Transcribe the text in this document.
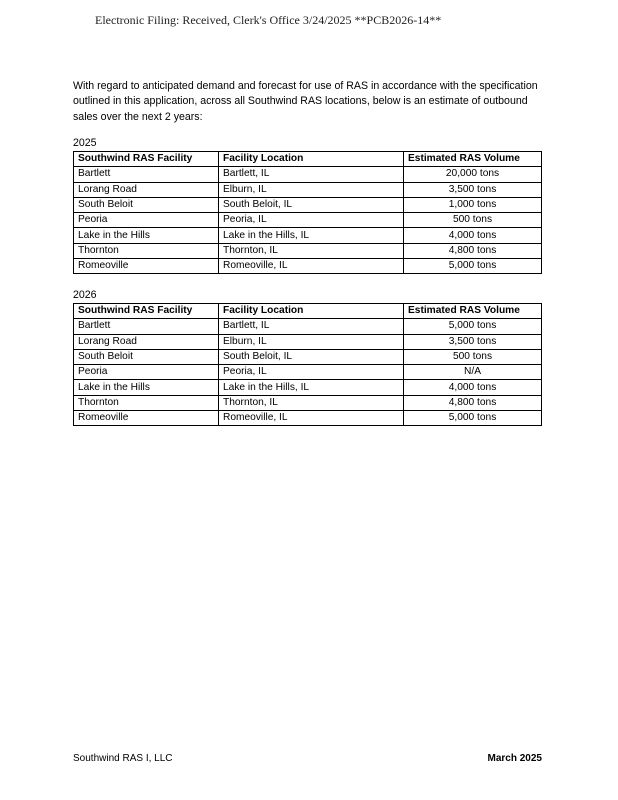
Electronic Filing: Received, Clerk's Office 3/24/2025 **PCB2026-14**

With regard to anticipated demand and forecast for use of RAS in accordance with the specification outlined in this application, across all Southwind RAS locations, below is an estimate of outbound sales over the next 2 years:

2025
Southwind RAS Facility	Facility Location	Estimated RAS Volume
Bartlett	Bartlett, IL	20,000 tons
Lorang Road	Elburn, IL	3,500 tons
South Beloit	South Beloit, IL	1,000 tons
Peoria	Peoria, IL	500 tons
Lake in the Hills	Lake in the Hills, IL	4,000 tons
Thornton	Thornton, IL	4,800 tons
Romeoville	Romeoville, IL	5,000 tons
2026
Southwind RAS Facility	Facility Location	Estimated RAS Volume
Bartlett	Bartlett, IL	5,000 tons
Lorang Road	Elburn, IL	3,500 tons
South Beloit	South Beloit, IL	500 tons
Peoria	Peoria, IL	N/A
Lake in the Hills	Lake in the Hills, IL	4,000 tons
Thornton	Thornton, IL	4,800 tons
Romeoville	Romeoville, IL	5,000 tons
Southwind RAS I, LLC	March 2025
